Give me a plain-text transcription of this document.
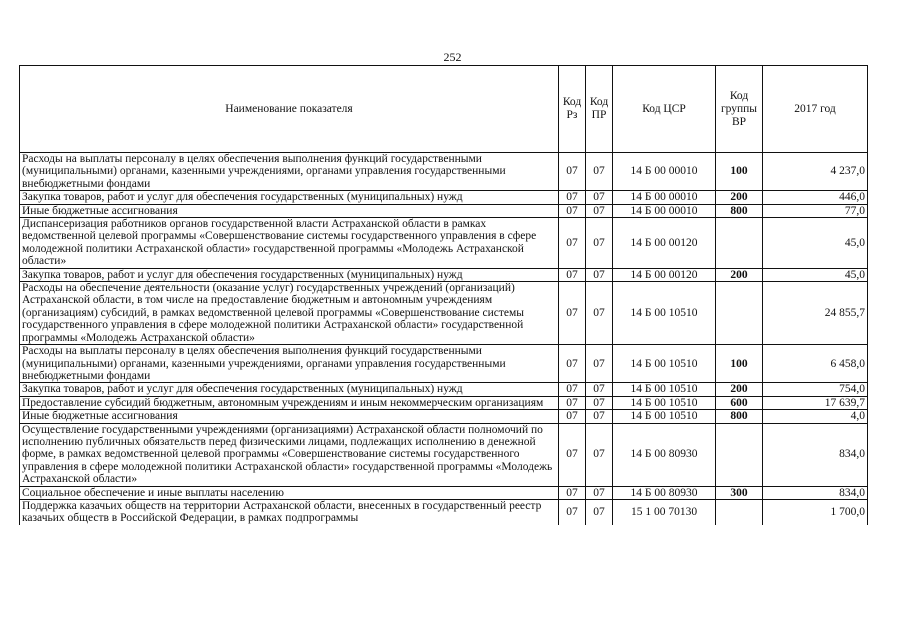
252
Наименование показателя	Код Рз	Код ПР	Код ЦСР	Код группы ВР	2017 год
Расходы на выплаты персоналу в целях обеспечения выполнения функций государственными (муниципальными) органами, казенными учреждениями, органами управления государственными внебюджетными фондами	07	07	14 Б 00 00010	100	4 237,0
Закупка товаров, работ и услуг для обеспечения государственных (муниципальных) нужд	07	07	14 Б 00 00010	200	446,0
Иные бюджетные ассигнования	07	07	14 Б 00 00010	800	77,0
Диспансеризация работников органов государственной власти Астраханской области в рамках ведомственной целевой программы «Совершенствование системы государственного управления в сфере молодежной политики Астраханской области» государственной программы «Молодежь Астраханской области»	07	07	14 Б 00 00120		45,0
Закупка товаров, работ и услуг для обеспечения государственных (муниципальных) нужд	07	07	14 Б 00 00120	200	45,0
Расходы на обеспечение деятельности (оказание услуг) государственных учреждений (организаций) Астраханской области, в том числе на предоставление бюджетным и автономным учреждениям (организациям) субсидий, в рамках ведомственной целевой программы «Совершенствование системы государственного управления в сфере молодежной политики Астраханской области» государственной программы «Молодежь Астраханской области»	07	07	14 Б 00 10510		24 855,7
Расходы на выплаты персоналу в целях обеспечения выполнения функций государственными (муниципальными) органами, казенными учреждениями, органами управления государственными внебюджетными фондами	07	07	14 Б 00 10510	100	6 458,0
Закупка товаров, работ и услуг для обеспечения государственных (муниципальных) нужд	07	07	14 Б 00 10510	200	754,0
Предоставление субсидий бюджетным, автономным учреждениям и иным некоммерческим организациям	07	07	14 Б 00 10510	600	17 639,7
Иные бюджетные ассигнования	07	07	14 Б 00 10510	800	4,0
Осуществление государственными учреждениями (организациями) Астраханской области полномочий по исполнению публичных обязательств перед физическими лицами, подлежащих исполнению в денежной форме, в рамках ведомственной целевой программы «Совершенствование системы государственного управления в сфере молодежной политики Астраханской области» государственной программы «Молодежь Астраханской области»	07	07	14 Б 00 80930		834,0
Социальное обеспечение и иные выплаты населению	07	07	14 Б 00 80930	300	834,0
Поддержка казачьих обществ на территории Астраханской области, внесенных в государственный реестр казачьих обществ в Российской Федерации, в рамках подпрограммы	07	07	15 1 00 70130		1 700,0
